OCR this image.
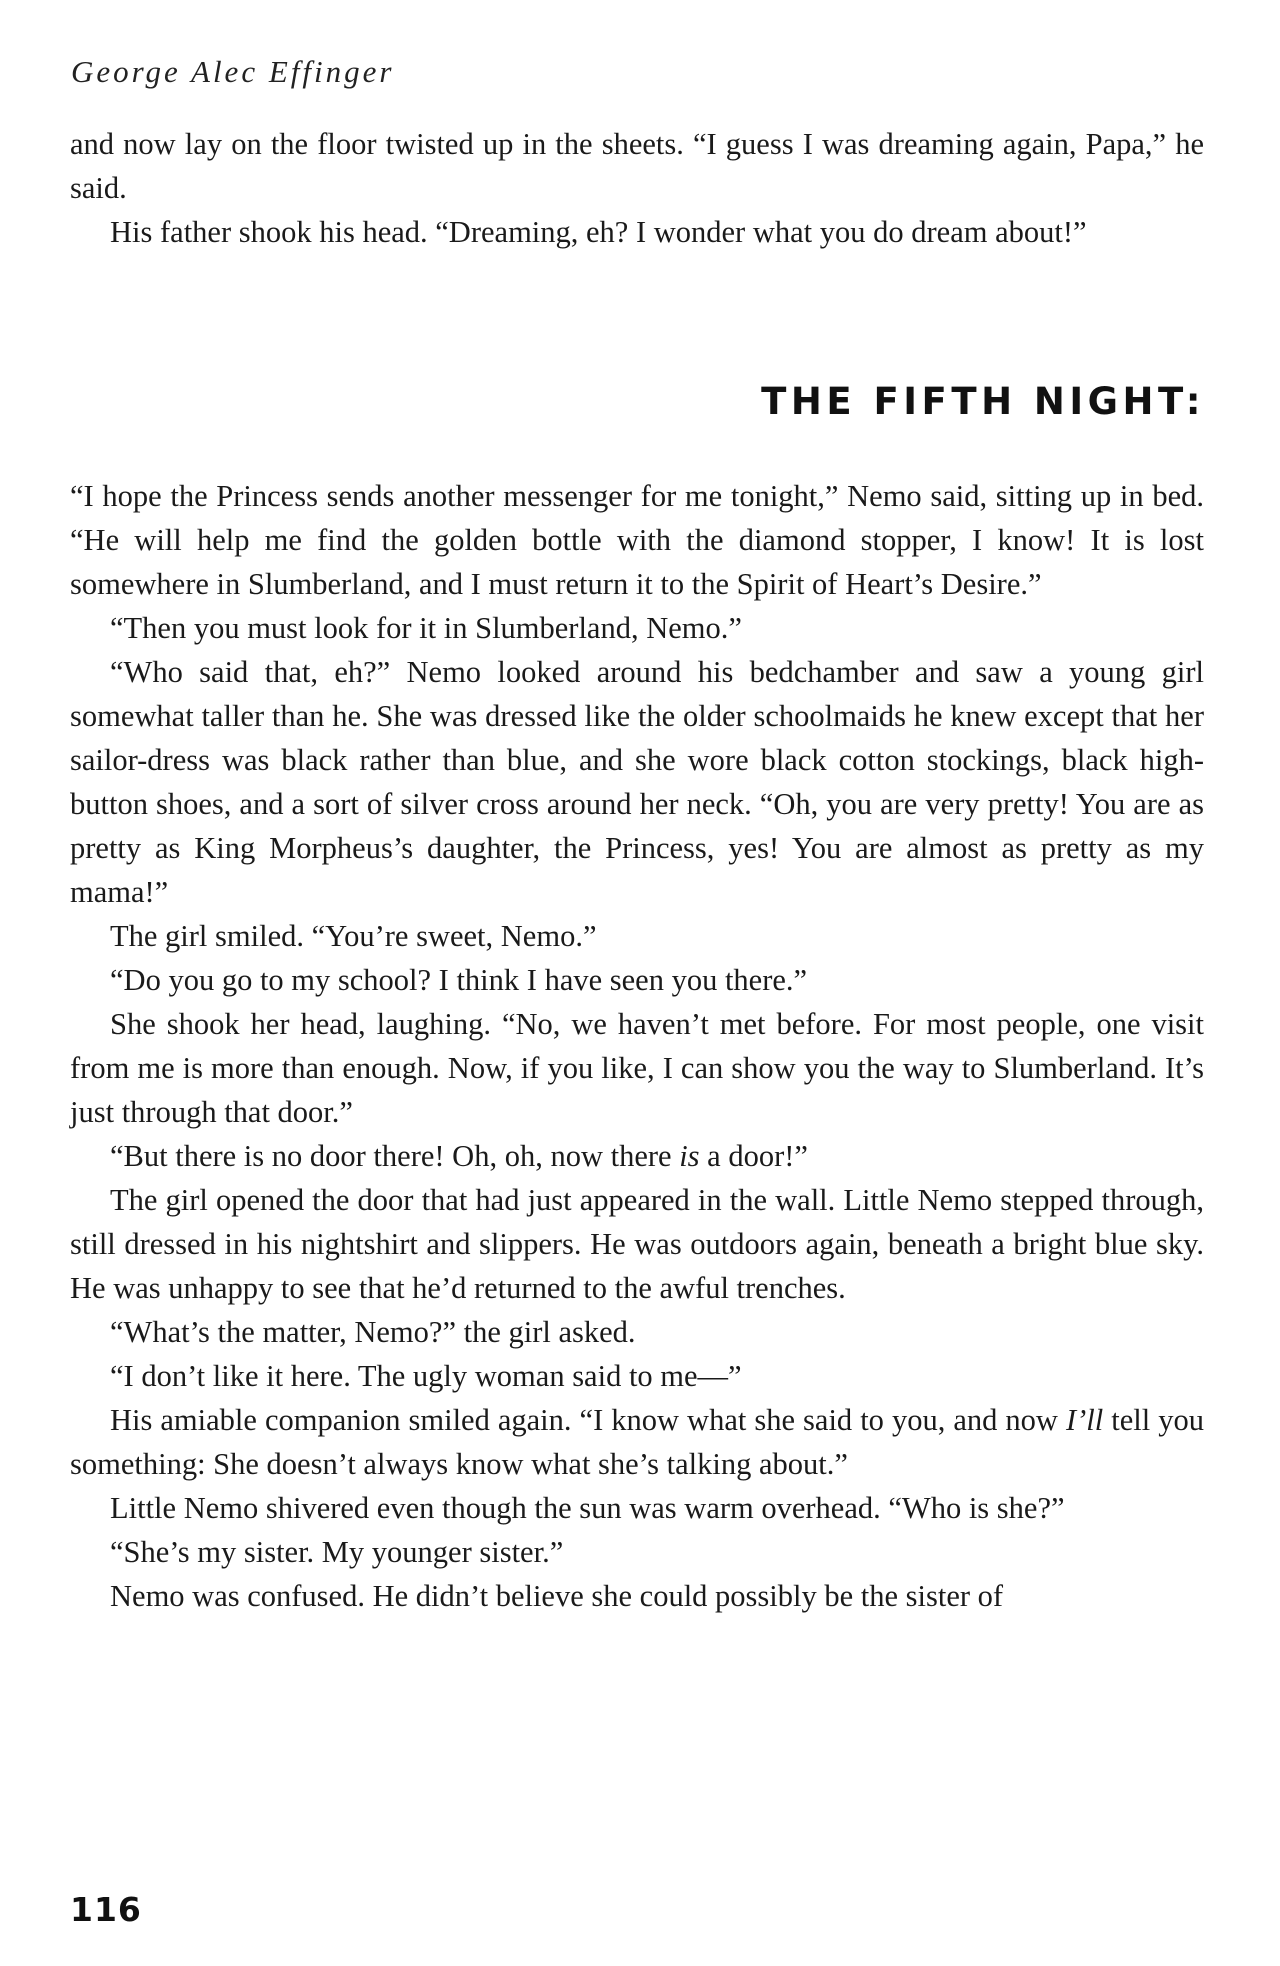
George Alec Effinger

and now lay on the floor twisted up in the sheets. “I guess I was dreaming again, Papa,” he said.

His father shook his head. “Dreaming, eh? I wonder what you do dream about!”

THE FIFTH NIGHT:

“I hope the Princess sends another messenger for me tonight,” Nemo said, sitting up in bed. “He will help me find the golden bottle with the diamond stopper, I know! It is lost somewhere in Slumberland, and I must return it to the Spirit of Heart’s Desire.”

“Then you must look for it in Slumberland, Nemo.”

“Who said that, eh?” Nemo looked around his bedchamber and saw a young girl somewhat taller than he. She was dressed like the older schoolmaids he knew except that her sailor-dress was black rather than blue, and she wore black cotton stockings, black high-button shoes, and a sort of silver cross around her neck. “Oh, you are very pretty! You are as pretty as King Morpheus’s daughter, the Princess, yes! You are almost as pretty as my mama!”

The girl smiled. “You’re sweet, Nemo.”

“Do you go to my school? I think I have seen you there.”

She shook her head, laughing. “No, we haven’t met before. For most people, one visit from me is more than enough. Now, if you like, I can show you the way to Slumberland. It’s just through that door.”

“But there is no door there! Oh, oh, now there is a door!”

The girl opened the door that had just appeared in the wall. Little Nemo stepped through, still dressed in his nightshirt and slippers. He was outdoors again, beneath a bright blue sky. He was unhappy to see that he’d returned to the awful trenches.

“What’s the matter, Nemo?” the girl asked.

“I don’t like it here. The ugly woman said to me—”

His amiable companion smiled again. “I know what she said to you, and now I’ll tell you something: She doesn’t always know what she’s talking about.”

Little Nemo shivered even though the sun was warm overhead. “Who is she?”

“She’s my sister. My younger sister.”

Nemo was confused. He didn’t believe she could possibly be the sister of

116
